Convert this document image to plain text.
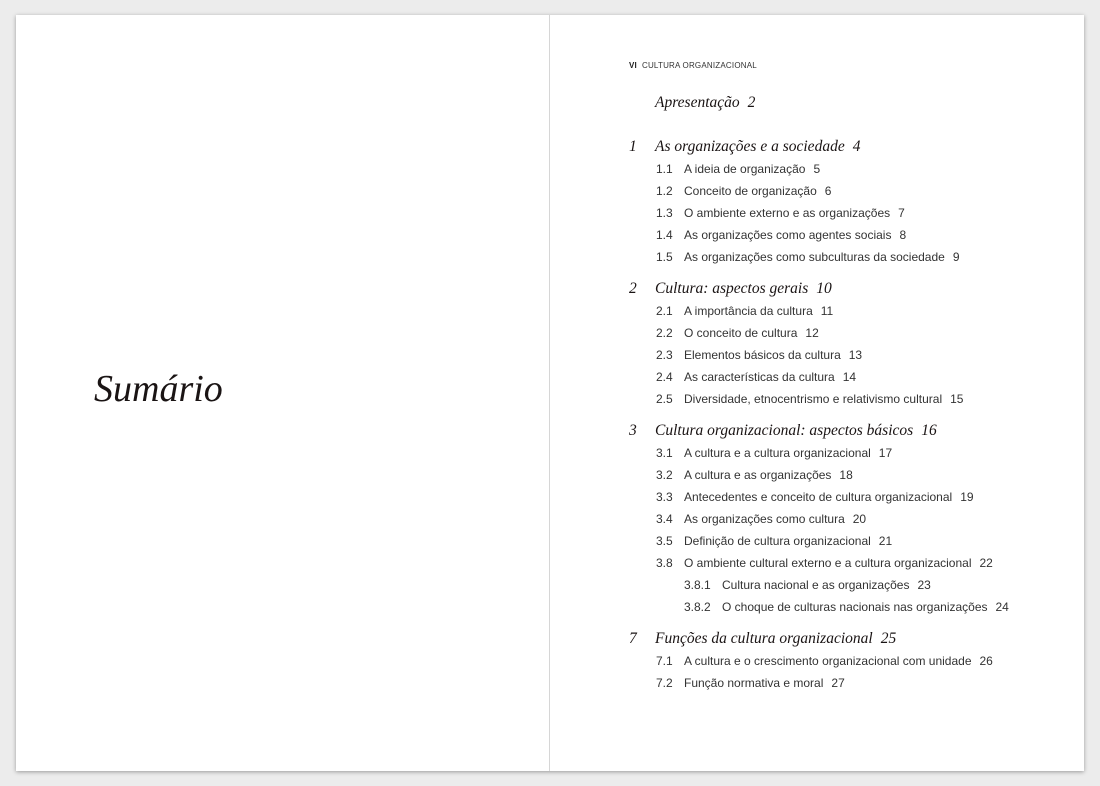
Sumário
VI CULTURA ORGANIZACIONAL
Apresentação 2
1 As organizações e a sociedade 4
1.1 A ideia de organização 5
1.2 Conceito de organização 6
1.3 O ambiente externo e as organizações 7
1.4 As organizações como agentes sociais 8
1.5 As organizações como subculturas da sociedade 9
2 Cultura: aspectos gerais 10
2.1 A importância da cultura 11
2.2 O conceito de cultura 12
2.3 Elementos básicos da cultura 13
2.4 As características da cultura 14
2.5 Diversidade, etnocentrismo e relativismo cultural 15
3 Cultura organizacional: aspectos básicos 16
3.1 A cultura e a cultura organizacional 17
3.2 A cultura e as organizações 18
3.3 Antecedentes e conceito de cultura organizacional 19
3.4 As organizações como cultura 20
3.5 Definição de cultura organizacional 21
3.8 O ambiente cultural externo e a cultura organizacional 22
3.8.1 Cultura nacional e as organizações 23
3.8.2 O choque de culturas nacionais nas organizações 24
7 Funções da cultura organizacional 25
7.1 A cultura e o crescimento organizacional com unidade 26
7.2 Função normativa e moral 27
